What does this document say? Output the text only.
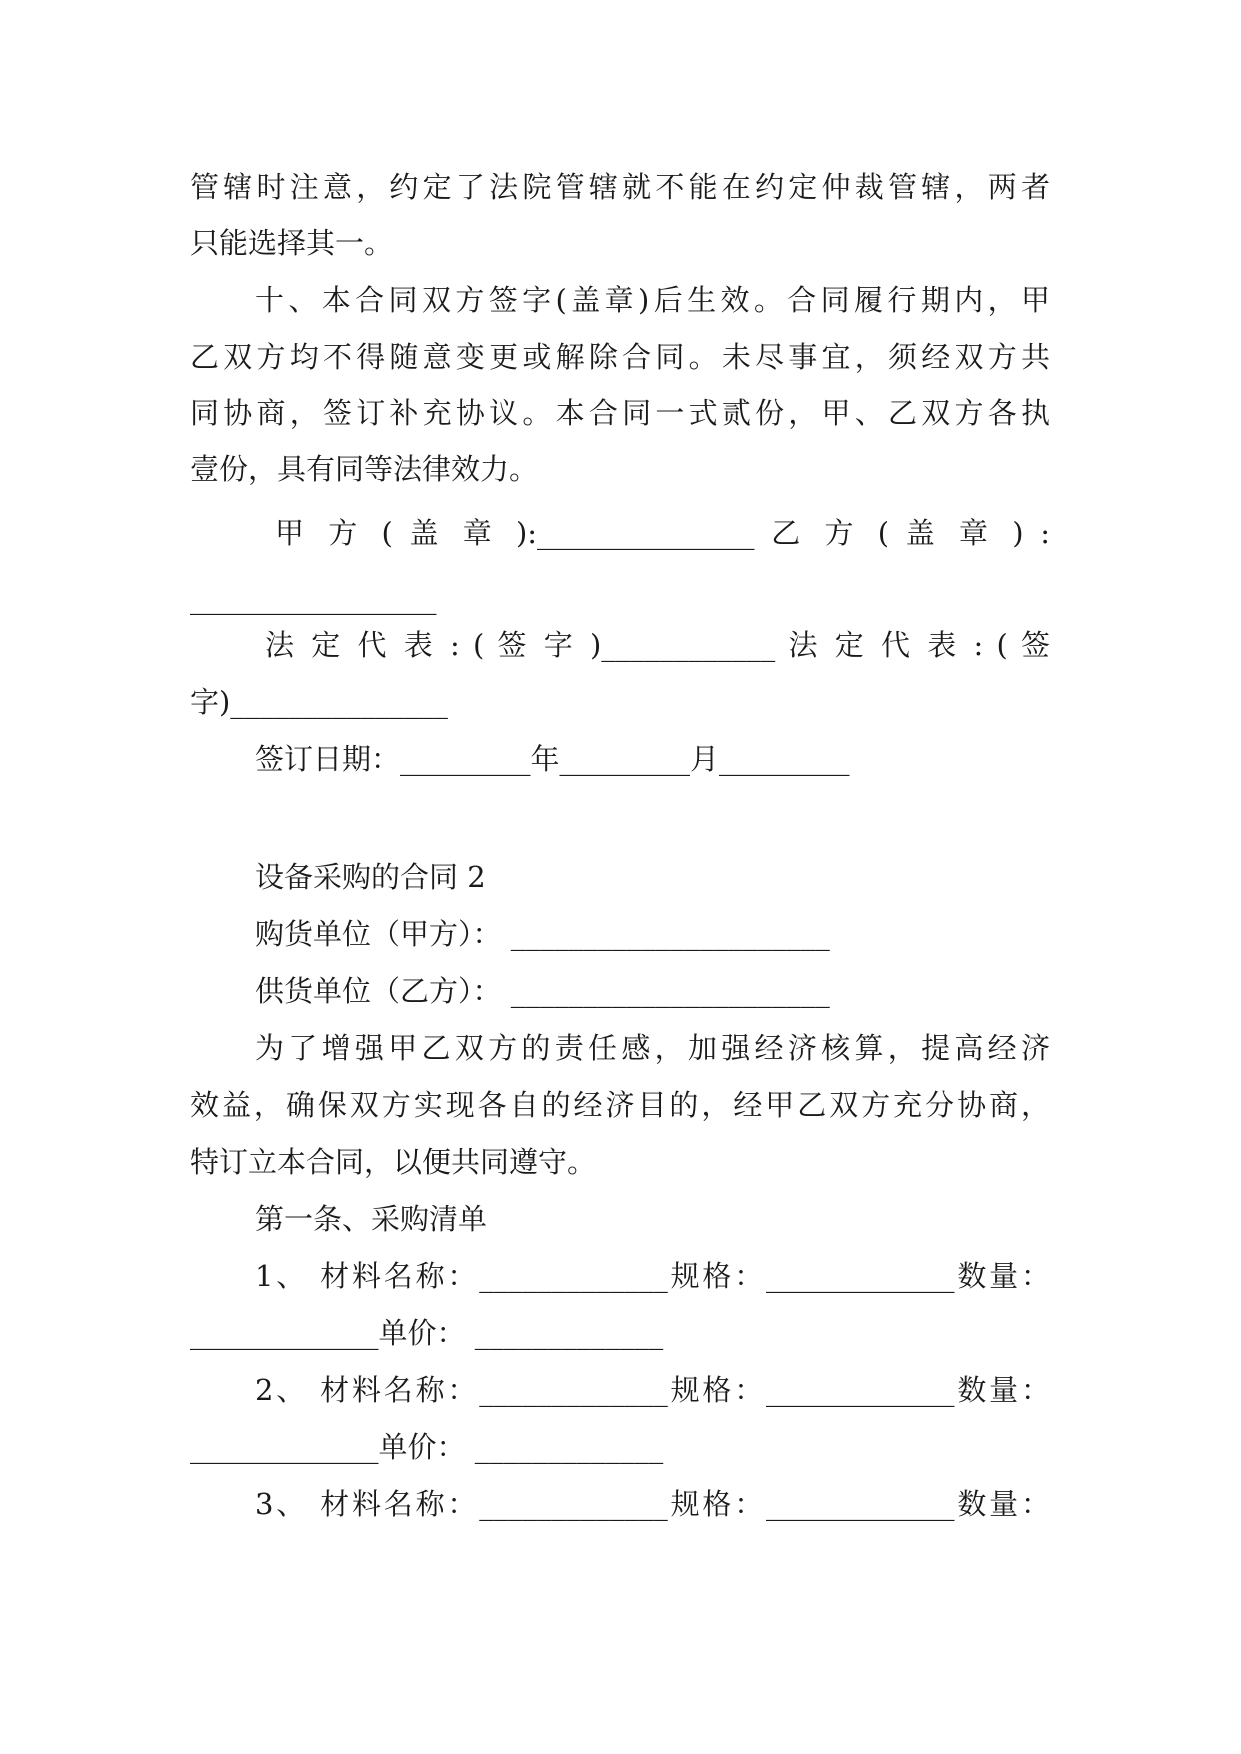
管辖时注意，约定了法院管辖就不能在约定仲裁管辖，两者
只能选择其一。
十、本合同双方签字(盖章)后生效。合同履行期内，甲
乙双方均不得随意变更或解除合同。未尽事宜，须经双方共
同协商，签订补充协议。本合同一式贰份，甲、乙双方各执
壹份，具有同等法律效力。
甲 方 ( 盖 章 ):_______________ 乙 方 ( 盖 章 ) :
_________________
法 定 代 表 : ( 签 字 )____________ 法 定 代 表 : ( 签
字)_______________
签订日期：_________年_________月_________
设备采购的合同 2
购货单位（甲方）： ______________________
供货单位（乙方）： ______________________
为了增强甲乙双方的责任感，加强经济核算，提高经济
效益，确保双方实现各自的经济目的，经甲乙双方充分协商，
特订立本合同，以便共同遵守。
第一条、采购清单
1、 材料名称：_____________规格：_____________数量：
_____________单价： _____________
2、 材料名称：_____________规格：_____________数量：
_____________单价： _____________
3、 材料名称：_____________规格：_____________数量：
